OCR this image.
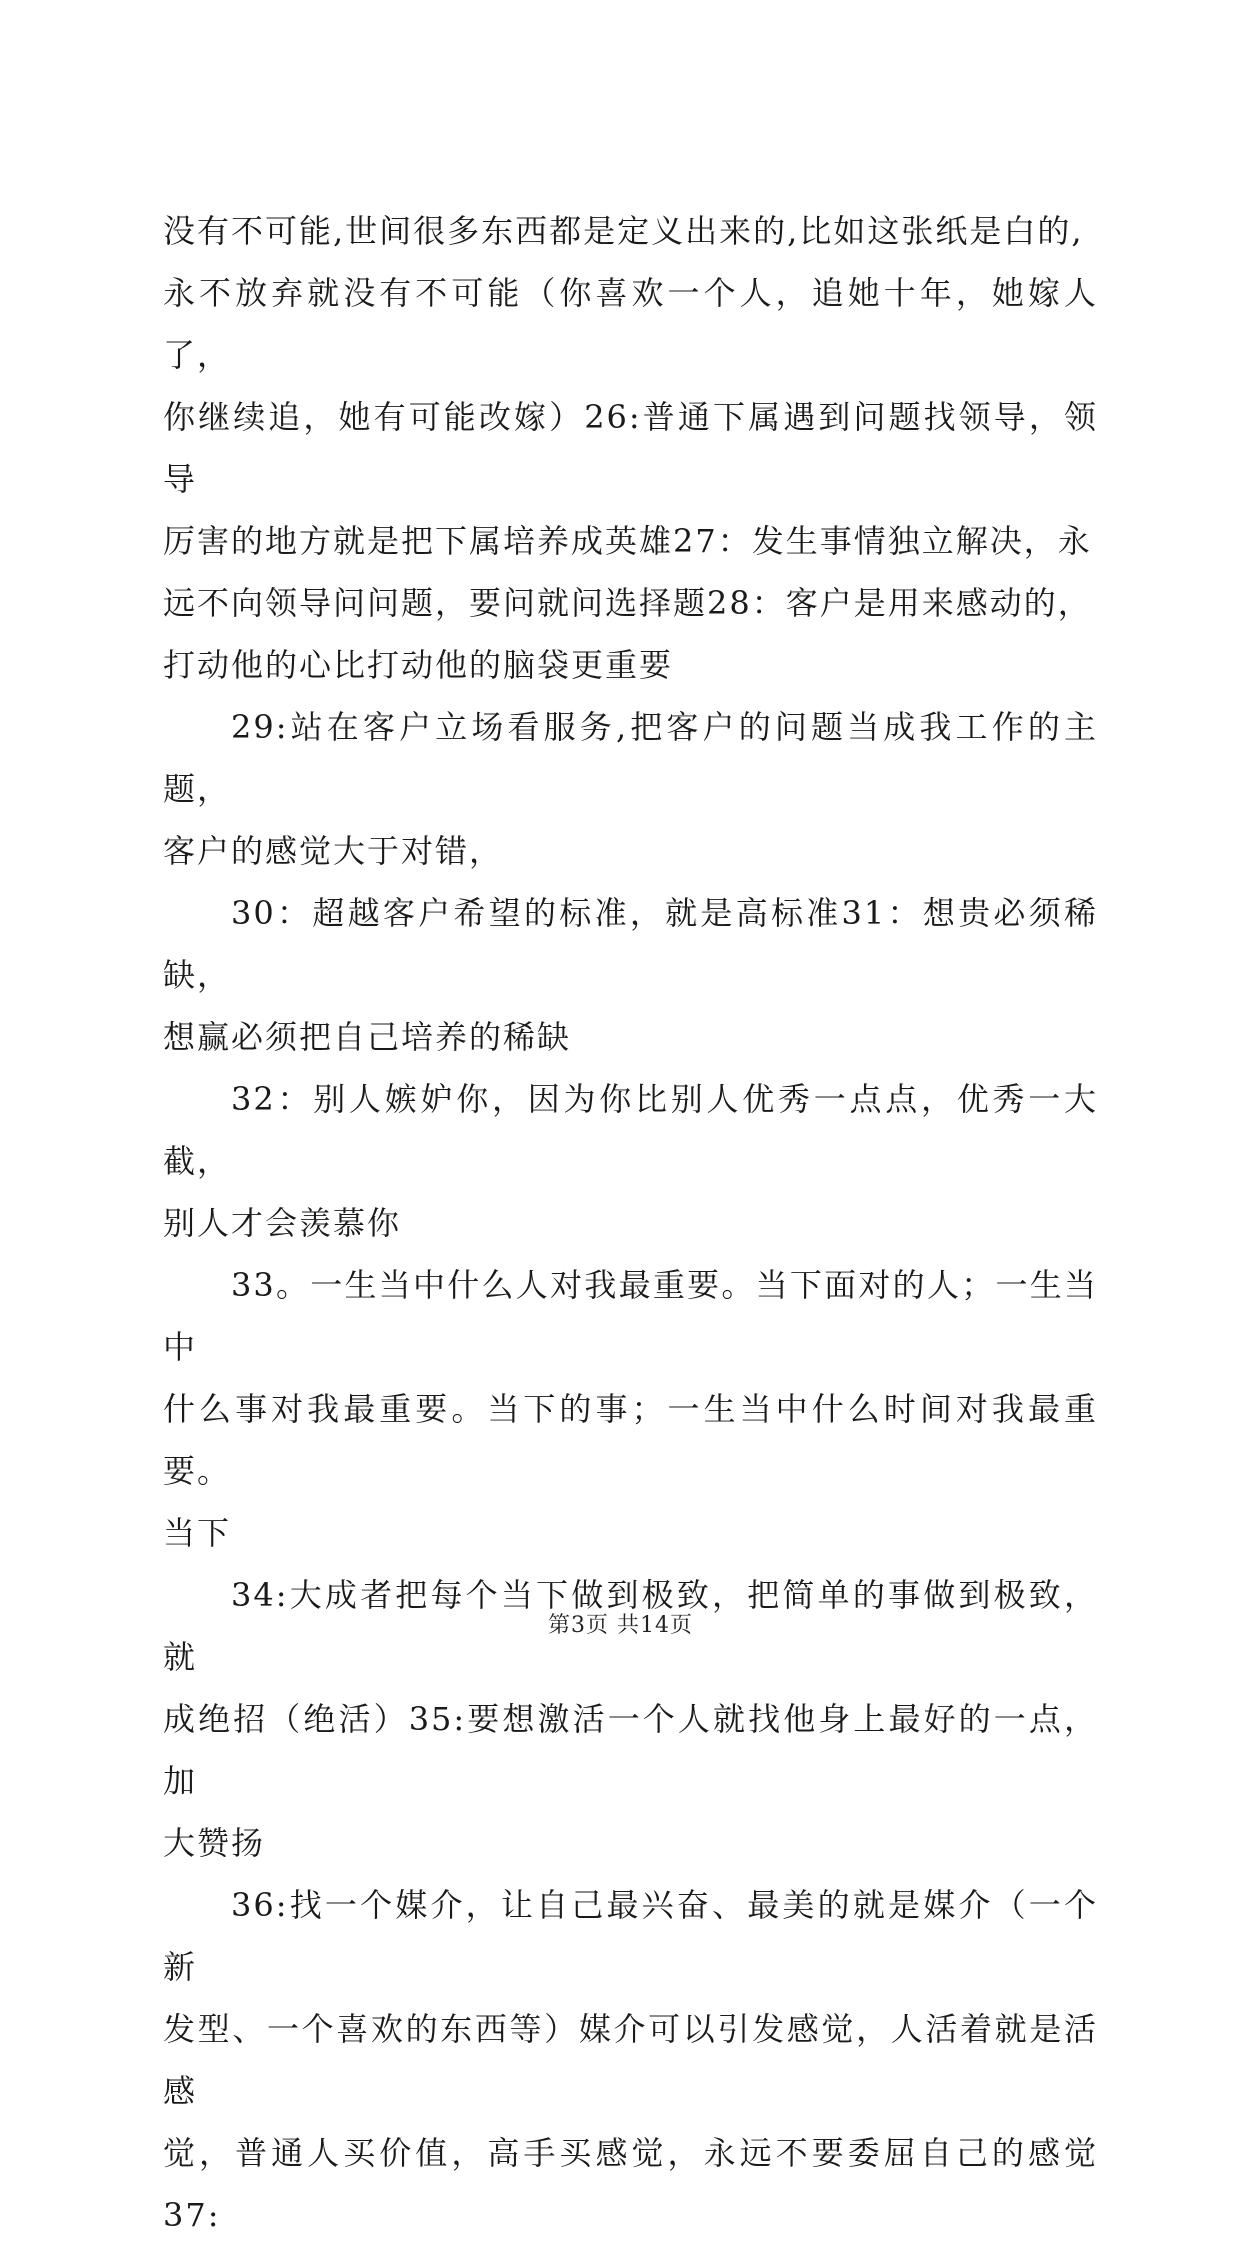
没有不可能,世间很多东西都是定义出来的,比如这张纸是白的,
永不放弃就没有不可能（你喜欢一个人，追她十年，她嫁人了，
你继续追，她有可能改嫁）26:普通下属遇到问题找领导，领导
厉害的地方就是把下属培养成英雄27：发生事情独立解决，永
远不向领导问问题，要问就问选择题28：客户是用来感动的，
打动他的心比打动他的脑袋更重要

29:站在客户立场看服务,把客户的问题当成我工作的主题，
客户的感觉大于对错，

30：超越客户希望的标准，就是高标准31：想贵必须稀缺，
想赢必须把自己培养的稀缺

32：别人嫉妒你，因为你比别人优秀一点点，优秀一大截，
别人才会羡慕你

33。一生当中什么人对我最重要。当下面对的人；一生当中
什么事对我最重要。当下的事；一生当中什么时间对我最重要。
当下

34:大成者把每个当下做到极致，把简单的事做到极致，就
成绝招（绝活）35:要想激活一个人就找他身上最好的一点，加
大赞扬

36:找一个媒介，让自己最兴奋、最美的就是媒介（一个新
发型、一个喜欢的东西等）媒介可以引发感觉，人活着就是活感
觉，普通人买价值，高手买感觉，永远不要委屈自己的感觉37:

第3页 共14页
